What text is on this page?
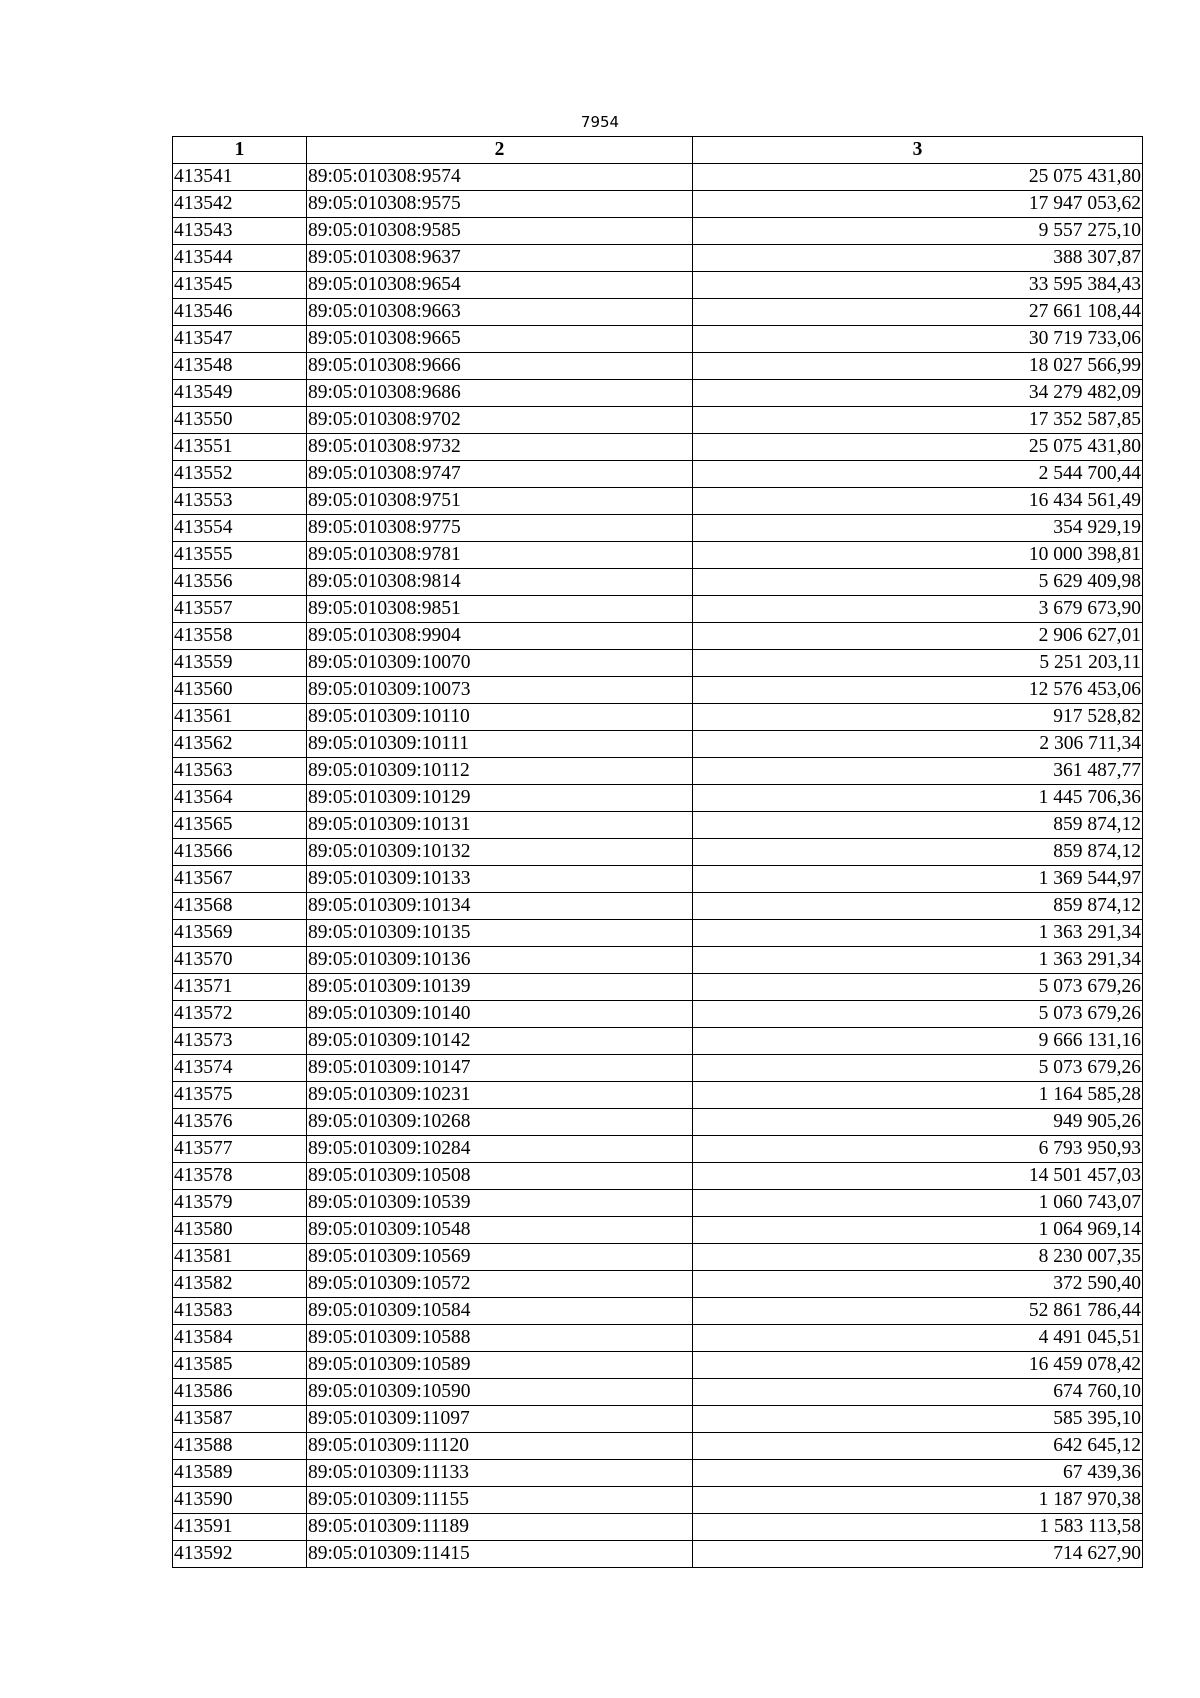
7954
1	2	3
413541	89:05:010308:9574	25 075 431,80
413542	89:05:010308:9575	17 947 053,62
413543	89:05:010308:9585	9 557 275,10
413544	89:05:010308:9637	388 307,87
413545	89:05:010308:9654	33 595 384,43
413546	89:05:010308:9663	27 661 108,44
413547	89:05:010308:9665	30 719 733,06
413548	89:05:010308:9666	18 027 566,99
413549	89:05:010308:9686	34 279 482,09
413550	89:05:010308:9702	17 352 587,85
413551	89:05:010308:9732	25 075 431,80
413552	89:05:010308:9747	2 544 700,44
413553	89:05:010308:9751	16 434 561,49
413554	89:05:010308:9775	354 929,19
413555	89:05:010308:9781	10 000 398,81
413556	89:05:010308:9814	5 629 409,98
413557	89:05:010308:9851	3 679 673,90
413558	89:05:010308:9904	2 906 627,01
413559	89:05:010309:10070	5 251 203,11
413560	89:05:010309:10073	12 576 453,06
413561	89:05:010309:10110	917 528,82
413562	89:05:010309:10111	2 306 711,34
413563	89:05:010309:10112	361 487,77
413564	89:05:010309:10129	1 445 706,36
413565	89:05:010309:10131	859 874,12
413566	89:05:010309:10132	859 874,12
413567	89:05:010309:10133	1 369 544,97
413568	89:05:010309:10134	859 874,12
413569	89:05:010309:10135	1 363 291,34
413570	89:05:010309:10136	1 363 291,34
413571	89:05:010309:10139	5 073 679,26
413572	89:05:010309:10140	5 073 679,26
413573	89:05:010309:10142	9 666 131,16
413574	89:05:010309:10147	5 073 679,26
413575	89:05:010309:10231	1 164 585,28
413576	89:05:010309:10268	949 905,26
413577	89:05:010309:10284	6 793 950,93
413578	89:05:010309:10508	14 501 457,03
413579	89:05:010309:10539	1 060 743,07
413580	89:05:010309:10548	1 064 969,14
413581	89:05:010309:10569	8 230 007,35
413582	89:05:010309:10572	372 590,40
413583	89:05:010309:10584	52 861 786,44
413584	89:05:010309:10588	4 491 045,51
413585	89:05:010309:10589	16 459 078,42
413586	89:05:010309:10590	674 760,10
413587	89:05:010309:11097	585 395,10
413588	89:05:010309:11120	642 645,12
413589	89:05:010309:11133	67 439,36
413590	89:05:010309:11155	1 187 970,38
413591	89:05:010309:11189	1 583 113,58
413592	89:05:010309:11415	714 627,90
